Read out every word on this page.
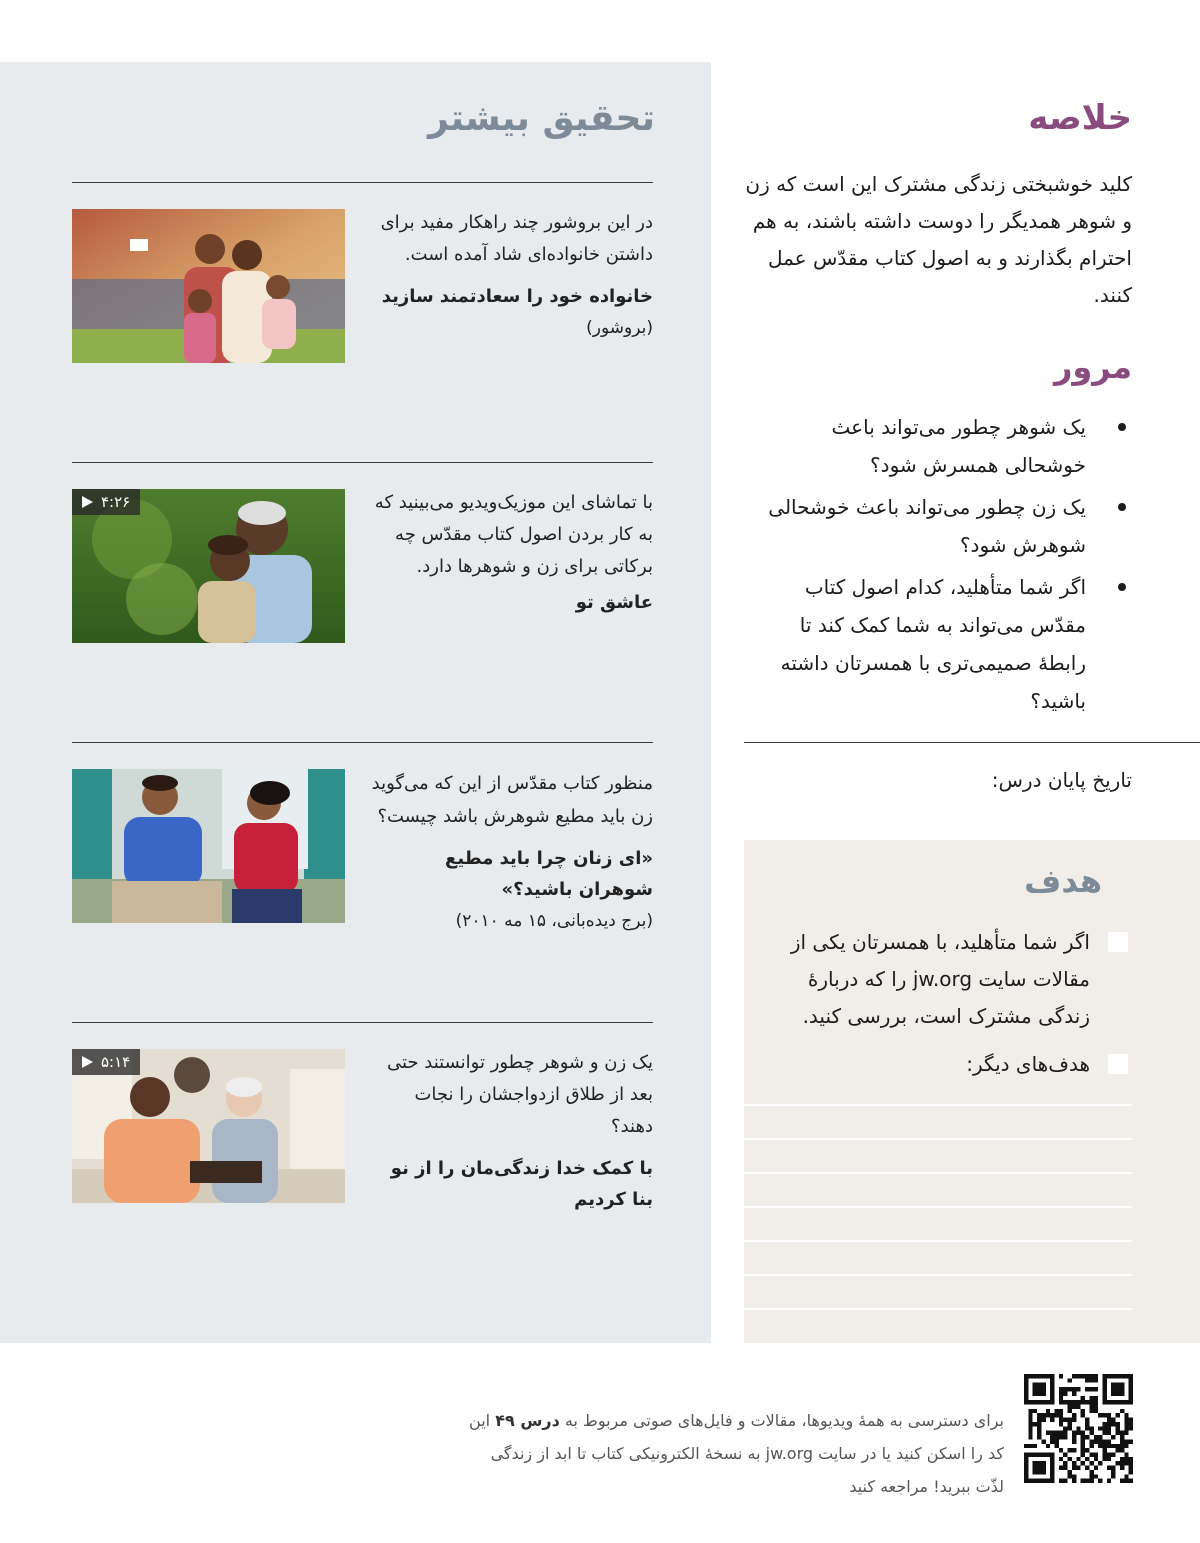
تحقیق بیشتر
در این بروشور چند راهکار مفید برای داشتن خانواده‌ای شاد آمده است.
خانواده خود را سعادتمند سازید
(بروشور)
با تماشای این موزیک‌ویدیو می‌بینید که به کار بردن اصول کتاب مقدّس چه برکاتی برای زن و شوهرها دارد.
عاشق تو
۴:۲۶
منظور کتاب مقدّس از این که می‌گوید زن باید مطیع شوهرش باشد چیست؟
«ای زنان چرا باید مطیع شوهران باشید؟»
(برج دیده‌بانی، ۱۵ مه ۲۰۱۰)
یک زن و شوهر چطور توانستند حتی بعد از طلاق ازدواجشان را نجات دهند؟
با کمک خدا زندگی‌مان را از نو بنا کردیم
۵:۱۴
خلاصه

کلید خوشبختی زندگی مشترک این است که زن و شوهر همدیگر را دوست داشته باشند، به هم احترام بگذارند و به اصول کتاب مقدّس عمل کنند.

مرور
یک شوهر چطور می‌تواند باعث خوشحالی همسرش شود؟
یک زن چطور می‌تواند باعث خوشحالی شوهرش شود؟
اگر شما متأهلید، کدام اصول کتاب مقدّس می‌تواند به شما کمک کند تا رابطهٔ صمیمی‌تری با همسرتان داشته باشید؟
تاریخ پایان درس:
هدف
اگر شما متأهلید، با همسرتان یکی از مقالات سایت jw.org را که دربارهٔ زندگی مشترک است، بررسی کنید.
هدف‌های دیگر:

برای دسترسی به همهٔ ویدیوها، مقالات و فایل‌های صوتی مربوط به درس ۴۹ این کد را اسکن کنید یا در سایت jw.org به نسخهٔ الکترونیکی کتاب تا ابد از زندگی لذّت ببرید! مراجعه کنید
